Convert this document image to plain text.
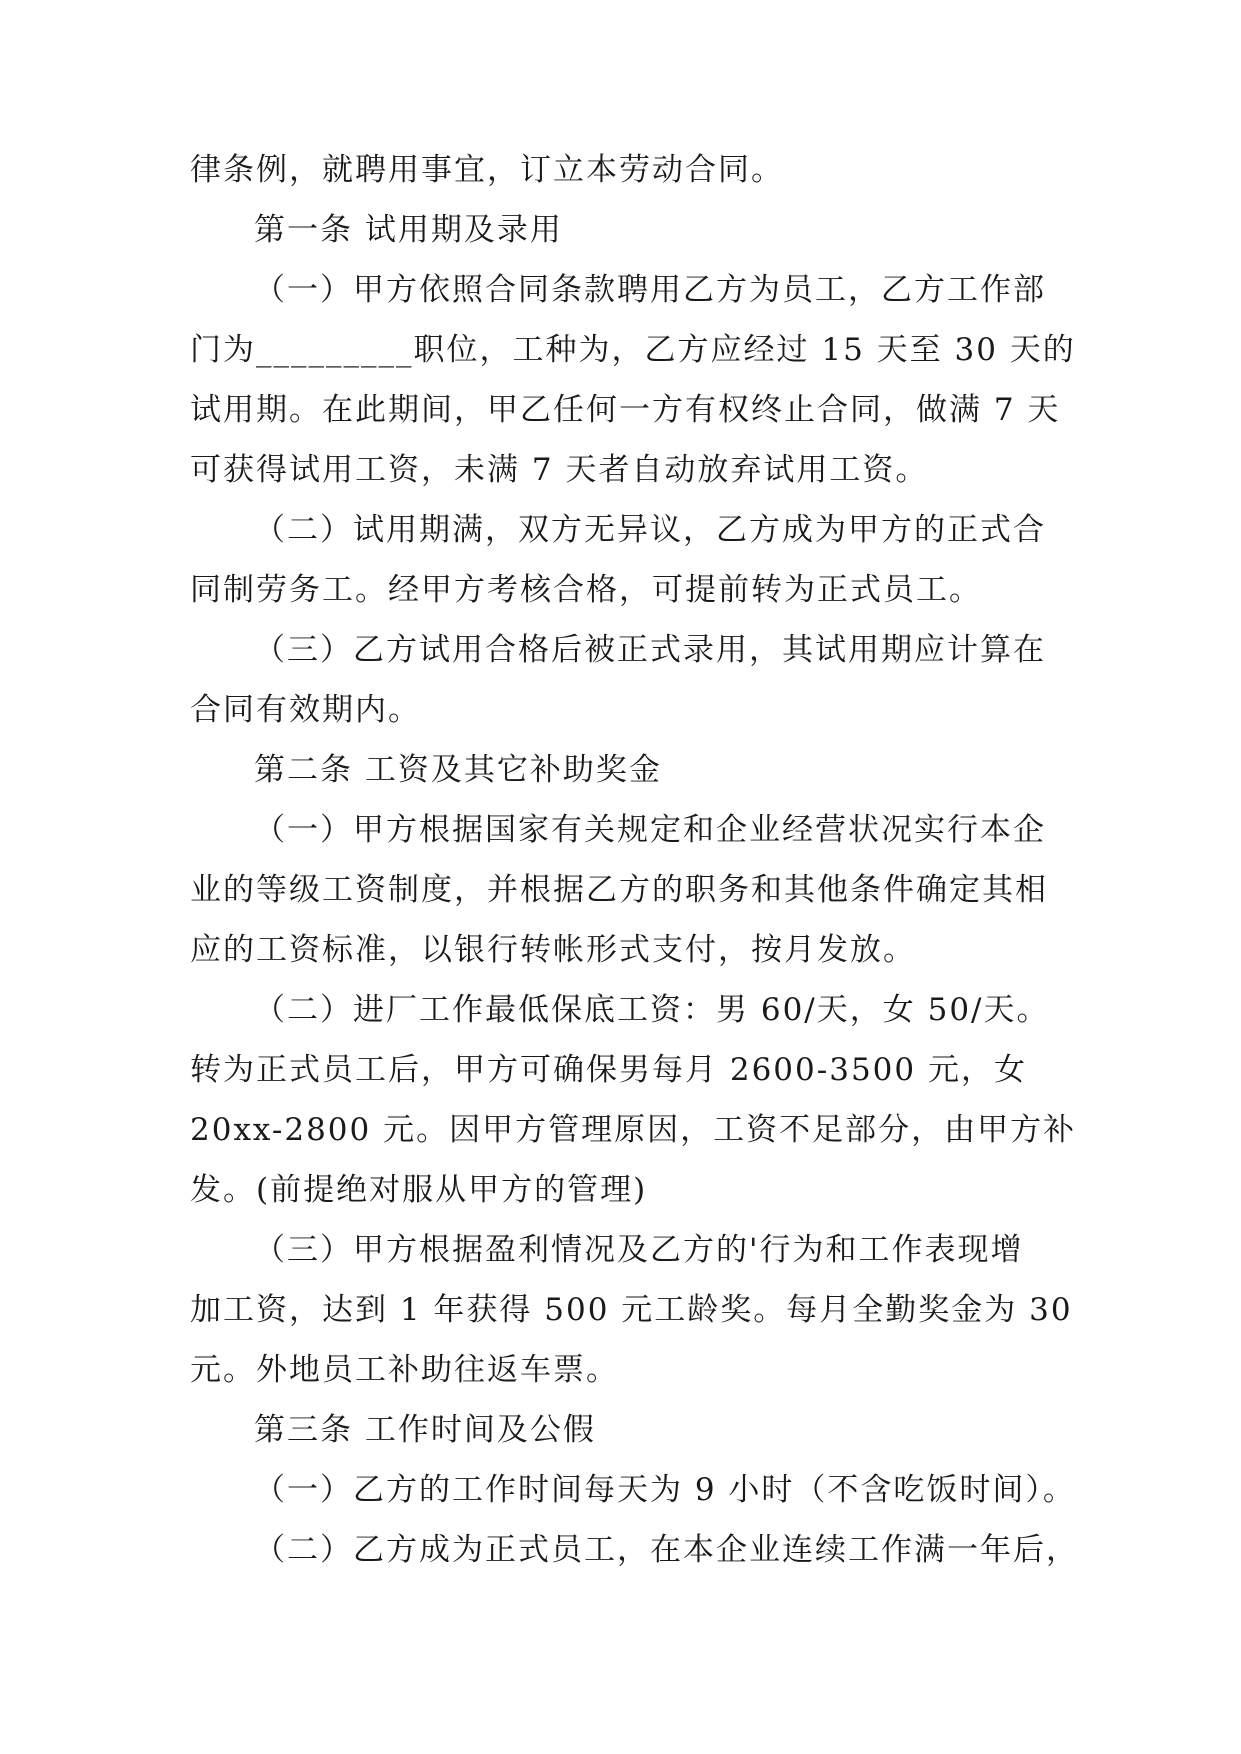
律条例，就聘用事宜，订立本劳动合同。
第一条 试用期及录用
（一）甲方依照合同条款聘用乙方为员工，乙方工作部
门为_________职位，工种为，乙方应经过 15 天至 30 天的
试用期。在此期间，甲乙任何一方有权终止合同，做满 7 天
可获得试用工资，未满 7 天者自动放弃试用工资。
（二）试用期满，双方无异议，乙方成为甲方的正式合
同制劳务工。经甲方考核合格，可提前转为正式员工。
（三）乙方试用合格后被正式录用，其试用期应计算在
合同有效期内。
第二条 工资及其它补助奖金
（一）甲方根据国家有关规定和企业经营状况实行本企
业的等级工资制度，并根据乙方的职务和其他条件确定其相
应的工资标准，以银行转帐形式支付，按月发放。
（二）进厂工作最低保底工资：男 60/天，女 50/天。
转为正式员工后，甲方可确保男每月 2600-3500 元，女
20xx-2800 元。因甲方管理原因，工资不足部分，由甲方补
发。(前提绝对服从甲方的管理)
（三）甲方根据盈利情况及乙方的'行为和工作表现增
加工资，达到 1 年获得 500 元工龄奖。每月全勤奖金为 30
元。外地员工补助往返车票。
第三条 工作时间及公假
（一）乙方的工作时间每天为 9 小时（不含吃饭时间）。
（二）乙方成为正式员工，在本企业连续工作满一年后，
